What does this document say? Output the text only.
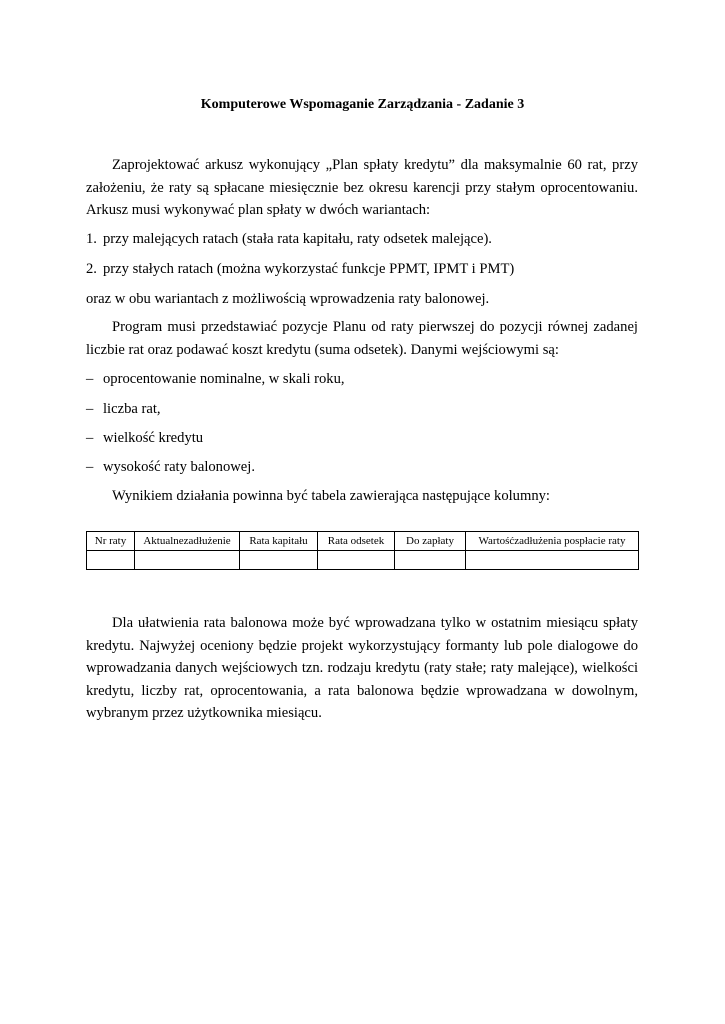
Komputerowe Wspomaganie Zarządzania - Zadanie 3
Zaprojektować arkusz wykonujący „Plan spłaty kredytu” dla maksymalnie 60 rat, przy założeniu, że raty są spłacane miesięcznie bez okresu karencji przy stałym oprocentowaniu. Arkusz musi wykonywać plan spłaty w dwóch wariantach:
1. przy malejących ratach (stała rata kapitału, raty odsetek malejące).
2. przy stałych ratach (można wykorzystać funkcje PPMT, IPMT i PMT)
oraz w obu wariantach z możliwością wprowadzenia raty balonowej.
Program musi przedstawiać pozycje Planu od raty pierwszej do pozycji równej zadanej liczbie rat oraz podawać koszt kredytu (suma odsetek). Danymi wejściowymi są:
– oprocentowanie nominalne, w skali roku,
– liczba rat,
– wielkość kredytu
– wysokość raty balonowej.
Wynikiem działania powinna być tabela zawierająca następujące kolumny:
Nr raty	Aktualnezadłużenie	Rata kapitału	Rata odsetek	Do zapłaty	Wartośćzadłużenia pospłacie raty

Dla ułatwienia rata balonowa może być wprowadzana tylko w ostatnim miesiącu spłaty kredytu. Najwyżej oceniony będzie projekt wykorzystujący formanty lub pole dialogowe do wprowadzania danych wejściowych tzn. rodzaju kredytu (raty stałe; raty malejące), wielkości kredytu, liczby rat, oprocentowania, a rata balonowa będzie wprowadzana w dowolnym, wybranym przez użytkownika miesiącu.
